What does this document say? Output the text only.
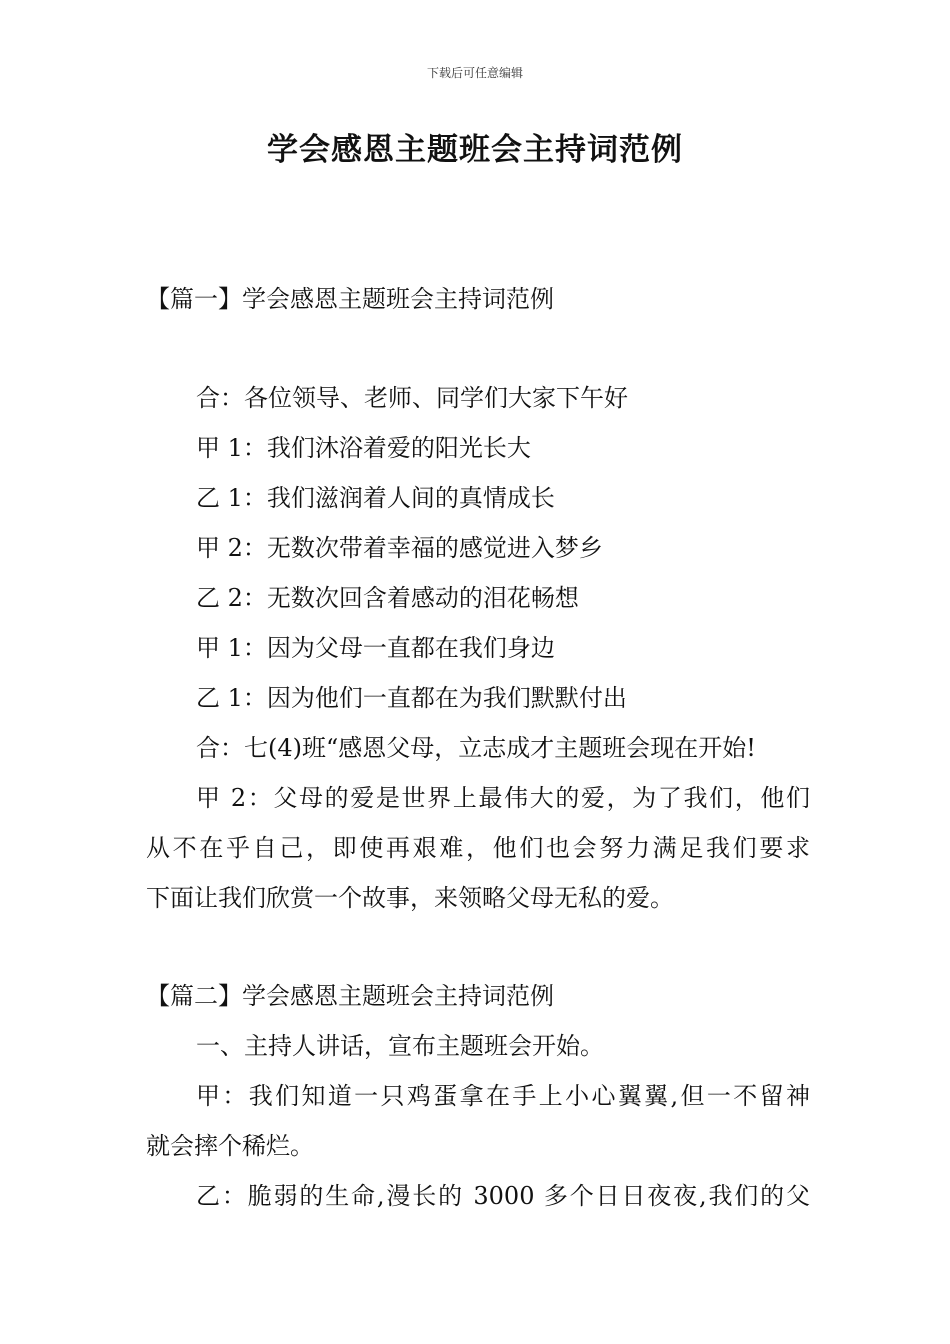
下载后可任意编辑
学会感恩主题班会主持词范例
【篇一】学会感恩主题班会主持词范例
合：各位领导、老师、同学们大家下午好
甲 1：我们沐浴着爱的阳光长大
乙 1：我们滋润着人间的真情成长
甲 2：无数次带着幸福的感觉进入梦乡
乙 2：无数次回含着感动的泪花畅想
甲 1：因为父母一直都在我们身边
乙 1：因为他们一直都在为我们默默付出
合：七(4)班“感恩父母，立志成才主题班会现在开始!
甲 2：父母的爱是世界上最伟大的爱，为了我们，他们
从不在乎自己，即使再艰难，他们也会努力满足我们要求
下面让我们欣赏一个故事，来领略父母无私的爱。
【篇二】学会感恩主题班会主持词范例
一、主持人讲话，宣布主题班会开始。
甲：我们知道一只鸡蛋拿在手上小心翼翼,但一不留神
就会摔个稀烂。
乙：脆弱的生命,漫长的 3000 多个日日夜夜,我们的父
